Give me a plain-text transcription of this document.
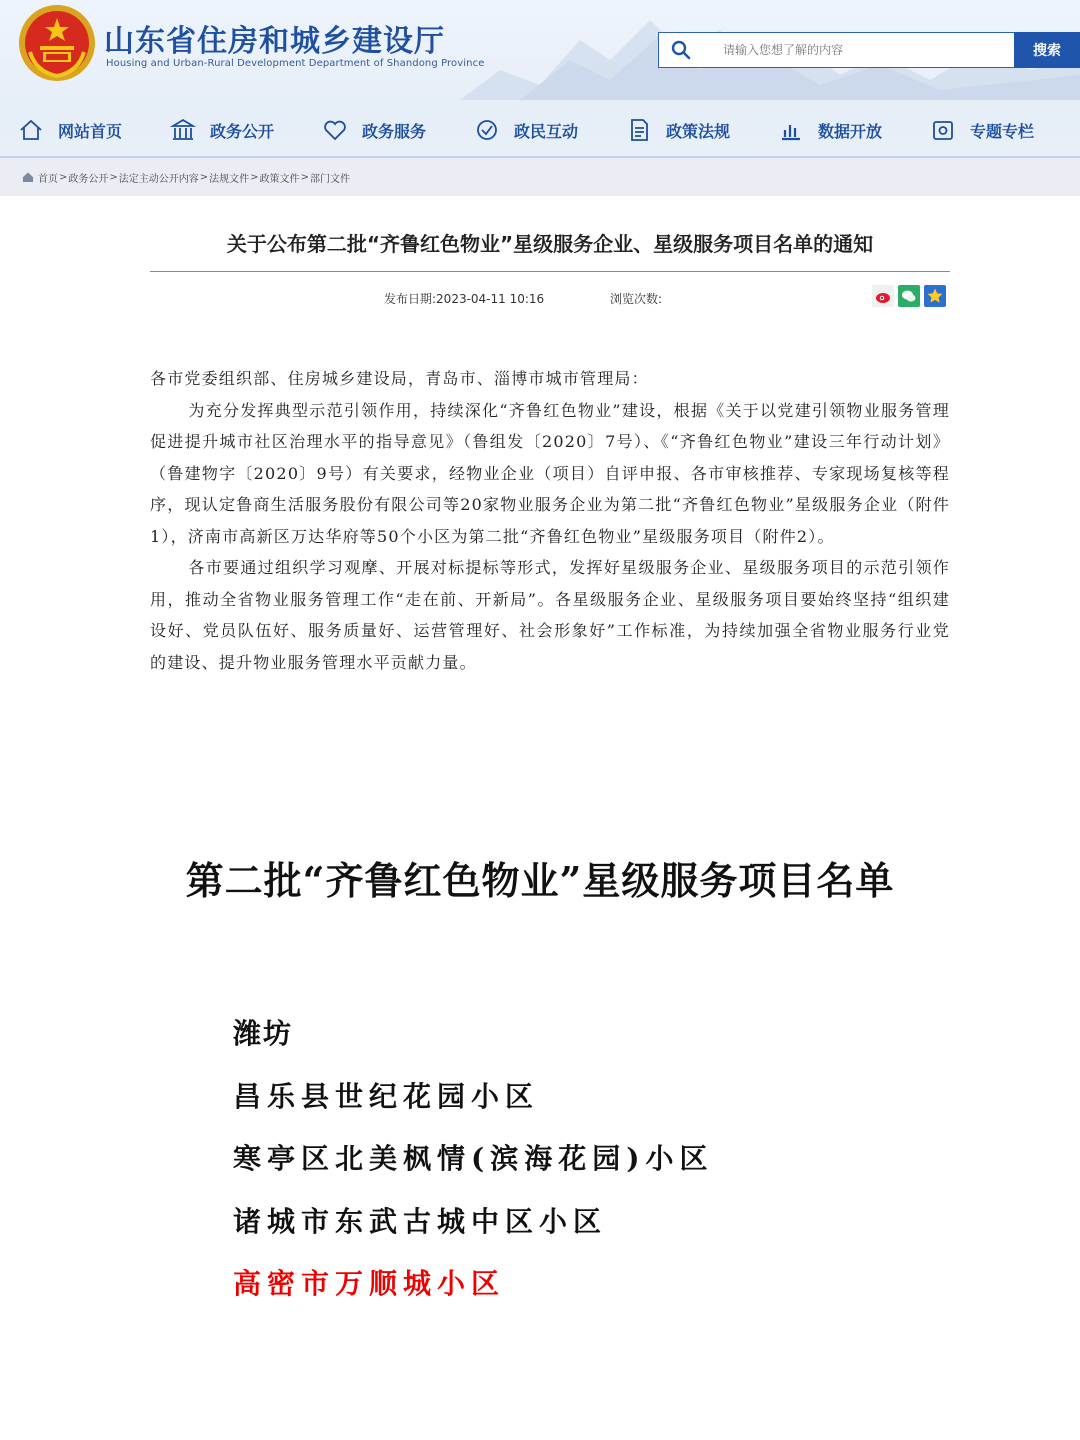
山东省住房和城乡建设厅
Housing and Urban-Rural Development Department of Shandong Province
请输入您想了解的内容
搜索
网站首页	政务公开	政务服务	政民互动	政策法规	数据开放	专题专栏
首页 > 政务公开 > 法定主动公开内容 > 法规文件 > 政策文件 > 部门文件
关于公布第二批“齐鲁红色物业”星级服务企业、星级服务项目名单的通知
发布日期:2023-04-11 10:16	浏览次数:

各市党委组织部、住房城乡建设局，青岛市、淄博市城市管理局：

为充分发挥典型示范引领作用，持续深化“齐鲁红色物业”建设，根据《关于以党建引领物业服务管理促进提升城市社区治理水平的指导意见》（鲁组发〔2020〕7号）、《“齐鲁红色物业”建设三年行动计划》（鲁建物字〔2020〕9号）有关要求，经物业企业（项目）自评申报、各市审核推荐、专家现场复核等程序，现认定鲁商生活服务股份有限公司等20家物业服务企业为第二批“齐鲁红色物业”星级服务企业（附件1），济南市高新区万达华府等50个小区为第二批“齐鲁红色物业”星级服务项目（附件2）。

各市要通过组织学习观摩、开展对标提标等形式，发挥好星级服务企业、星级服务项目的示范引领作用，推动全省物业服务管理工作“走在前、开新局”。各星级服务企业、星级服务项目要始终坚持“组织建设好、党员队伍好、服务质量好、运营管理好、社会形象好”工作标准，为持续加强全省物业服务行业党的建设、提升物业服务管理水平贡献力量。

第二批“齐鲁红色物业”星级服务项目名单
潍坊
昌乐县世纪花园小区
寒亭区北美枫情(滨海花园)小区
诸城市东武古城中区小区
高密市万顺城小区
